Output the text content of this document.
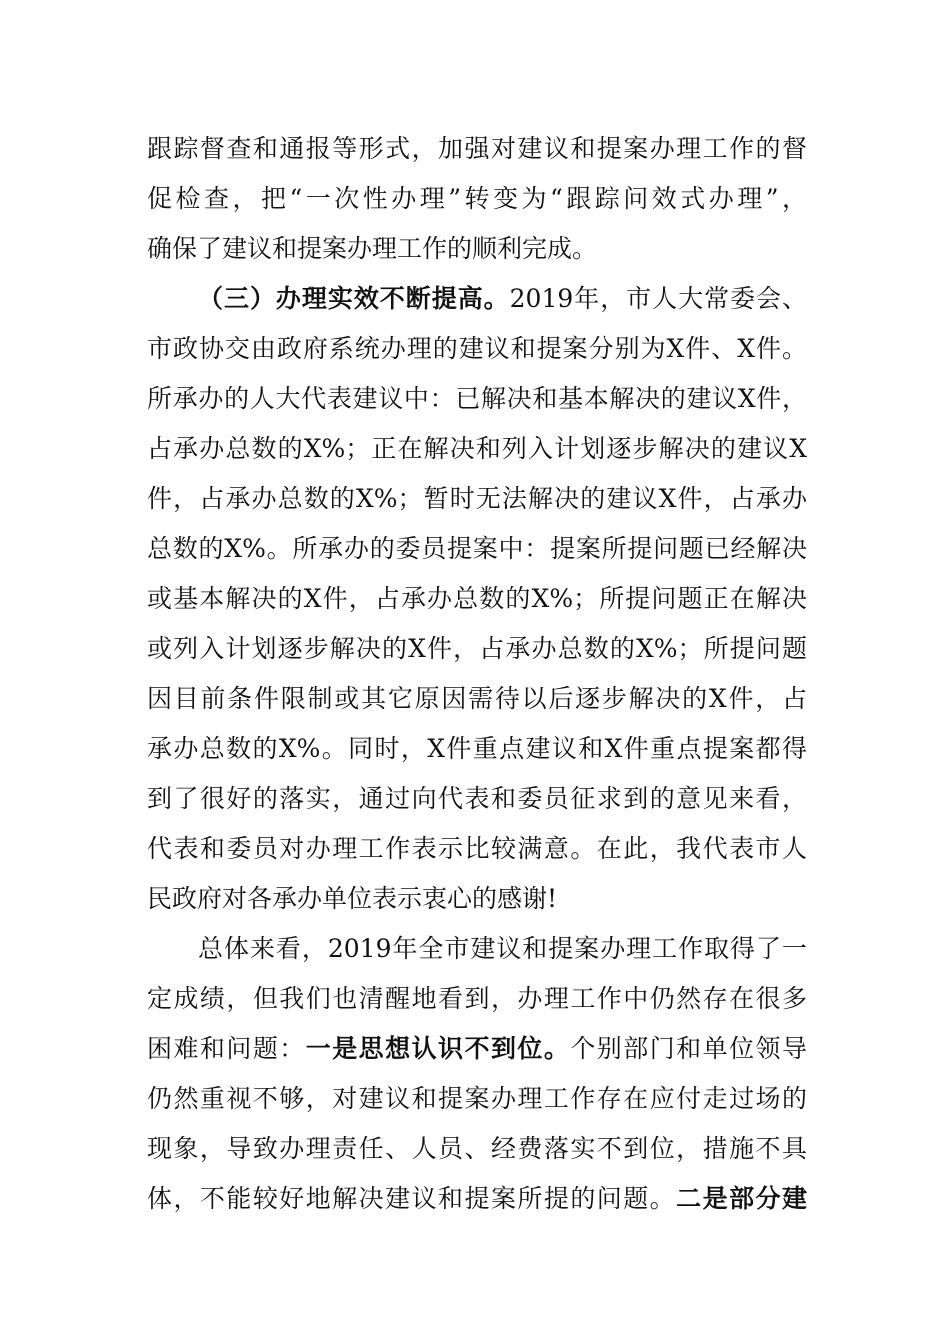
跟踪督查和通报等形式，加强对建议和提案办理工作的督
促检查，把“一次性办理”转变为“跟踪问效式办理”，
确保了建议和提案办理工作的顺利完成。
（三）办理实效不断提高。2019年，市人大常委会、
市政协交由政府系统办理的建议和提案分别为X件、X件。
所承办的人大代表建议中：已解决和基本解决的建议X件，
占承办总数的X%；正在解决和列入计划逐步解决的建议X
件，占承办总数的X%；暂时无法解决的建议X件，占承办
总数的X%。所承办的委员提案中：提案所提问题已经解决
或基本解决的X件，占承办总数的X%；所提问题正在解决
或列入计划逐步解决的X件，占承办总数的X%；所提问题
因目前条件限制或其它原因需待以后逐步解决的X件，占
承办总数的X%。同时，X件重点建议和X件重点提案都得
到了很好的落实，通过向代表和委员征求到的意见来看，
代表和委员对办理工作表示比较满意。在此，我代表市人
民政府对各承办单位表示衷心的感谢!
总体来看，2019年全市建议和提案办理工作取得了一
定成绩，但我们也清醒地看到，办理工作中仍然存在很多
困难和问题：一是思想认识不到位。个别部门和单位领导
仍然重视不够，对建议和提案办理工作存在应付走过场的
现象，导致办理责任、人员、经费落实不到位，措施不具
体，不能较好地解决建议和提案所提的问题。二是部分建
